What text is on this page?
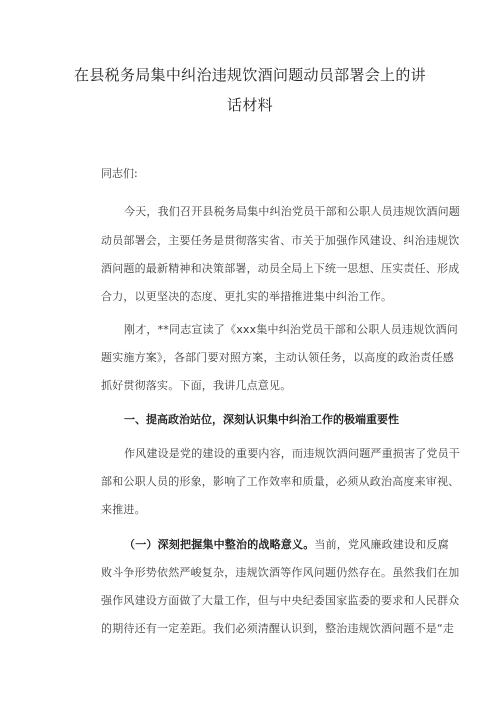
在县税务局集中纠治违规饮酒问题动员部署会上的讲
话材料
同志们:
今天，我们召开县税务局集中纠治党员干部和公职人员违规饮酒问题
动员部署会，主要任务是贯彻落实省、市关于加强作风建设、纠治违规饮
酒问题的最新精神和决策部署，动员全局上下统一思想、压实责任、形成
合力，以更坚决的态度、更扎实的举措推进集中纠治工作。
刚才，**同志宣读了《xxx集中纠治党员干部和公职人员违规饮酒问
题实施方案》，各部门要对照方案，主动认领任务，以高度的政治责任感
抓好贯彻落实。下面，我讲几点意见。
一、提高政治站位，深刻认识集中纠治工作的极端重要性
作风建设是党的建设的重要内容，而违规饮酒问题严重损害了党员干
部和公职人员的形象，影响了工作效率和质量，必须从政治高度来审视、
来推进。
（一）深刻把握集中整治的战略意义。当前，党风廉政建设和反腐
败斗争形势依然严峻复杂，违规饮酒等作风问题仍然存在。虽然我们在加
强作风建设方面做了大量工作，但与中央纪委国家监委的要求和人民群众
的期待还有一定差距。我们必须清醒认识到，整治违规饮酒问题不是“走
